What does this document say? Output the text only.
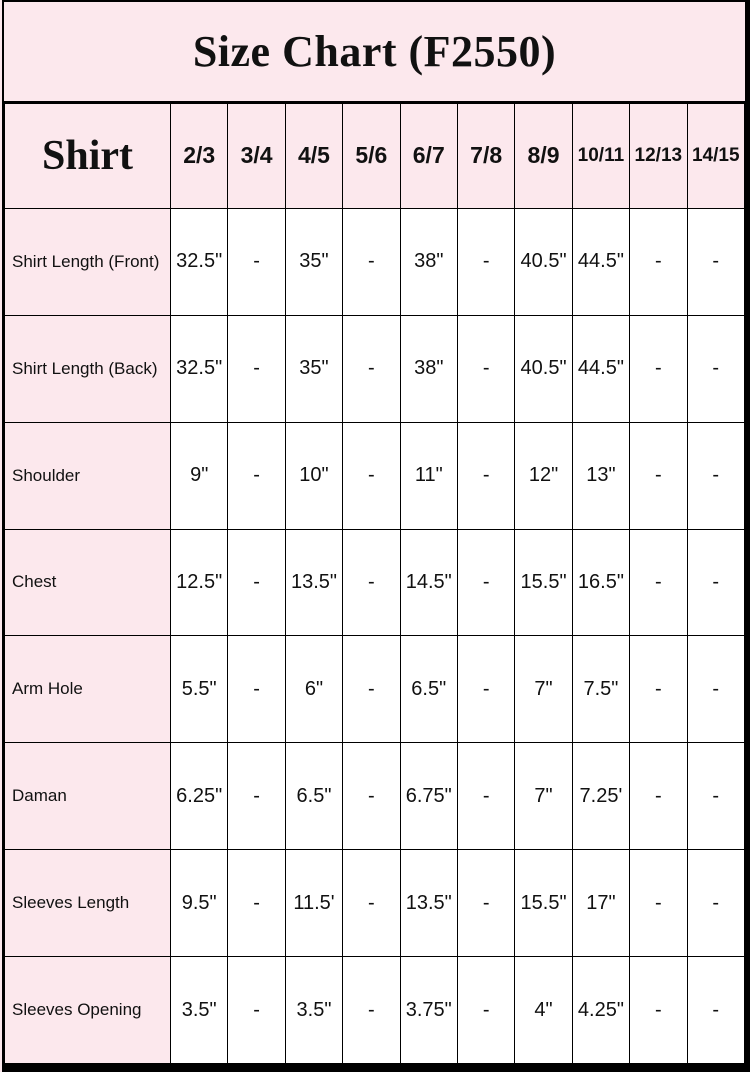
Size Chart (F2550)
Shirt	2/3	3/4	4/5	5/6	6/7	7/8	8/9	10/11	12/13	14/15
Shirt Length (Front)	32.5"	-	35"	-	38"	-	40.5"	44.5"	-	-
Shirt Length (Back)	32.5"	-	35"	-	38"	-	40.5"	44.5"	-	-
Shoulder	9"	-	10"	-	11"	-	12"	13"	-	-
Chest	12.5"	-	13.5"	-	14.5"	-	15.5"	16.5"	-	-
Arm Hole	5.5"	-	6"	-	6.5"	-	7"	7.5"	-	-
Daman	6.25"	-	6.5"	-	6.75"	-	7"	7.25'	-	-
Sleeves Length	9.5"	-	11.5'	-	13.5"	-	15.5"	17"	-	-
Sleeves Opening	3.5"	-	3.5"	-	3.75"	-	4"	4.25"	-	-
